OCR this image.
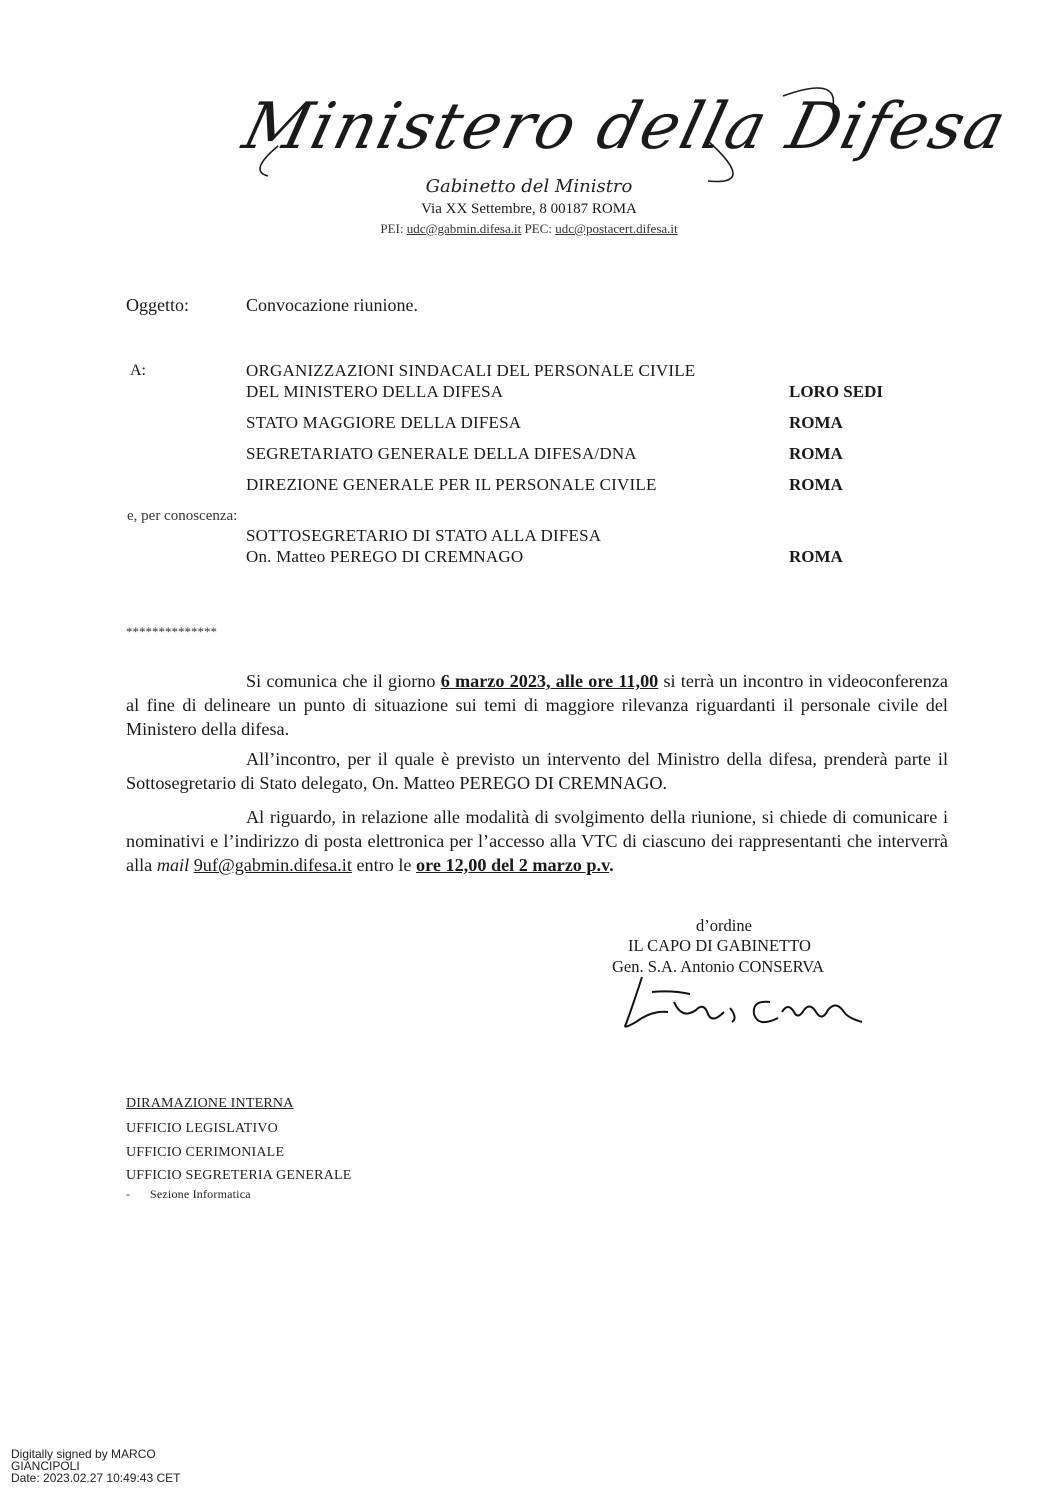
Ministero della Difesa
Gabinetto del Ministro
Via XX Settembre, 8 00187 ROMA
PEI: udc@gabmin.difesa.it PEC: udc@postacert.difesa.it
Oggetto:	Convocazione riunione.
A:	ORGANIZZAZIONI SINDACALI DEL PERSONALE CIVILE
DEL MINISTERO DELLA DIFESA	LORO SEDI
STATO MAGGIORE DELLA DIFESA	ROMA
SEGRETARIATO GENERALE DELLA DIFESA/DNA	ROMA
DIREZIONE GENERALE PER IL PERSONALE CIVILE	ROMA
e, per conoscenza:
SOTTOSEGRETARIO DI STATO ALLA DIFESA
On. Matteo PEREGO DI CREMNAGO	ROMA
**************
Si comunica che il giorno 6 marzo 2023, alle ore 11,00 si terrà un incontro in videoconferenza al fine di delineare un punto di situazione sui temi di maggiore rilevanza riguardanti il personale civile del Ministero della difesa.
All’incontro, per il quale è previsto un intervento del Ministro della difesa, prenderà parte il Sottosegretario di Stato delegato, On. Matteo PEREGO DI CREMNAGO.
Al riguardo, in relazione alle modalità di svolgimento della riunione, si chiede di comunicare i nominativi e l’indirizzo di posta elettronica per l’accesso alla VTC di ciascuno dei rappresentanti che interverrà alla mail 9uf@gabmin.difesa.it entro le ore 12,00 del 2 marzo p.v.
d’ordine
IL CAPO DI GABINETTO
Gen. S.A. Antonio CONSERVA
DIRAMAZIONE INTERNA
UFFICIO LEGISLATIVO
UFFICIO CERIMONIALE
UFFICIO SEGRETERIA GENERALE
- Sezione Informatica
Digitally signed by MARCO
GIANCIPOLI
Date: 2023.02.27 10:49:43 CET
